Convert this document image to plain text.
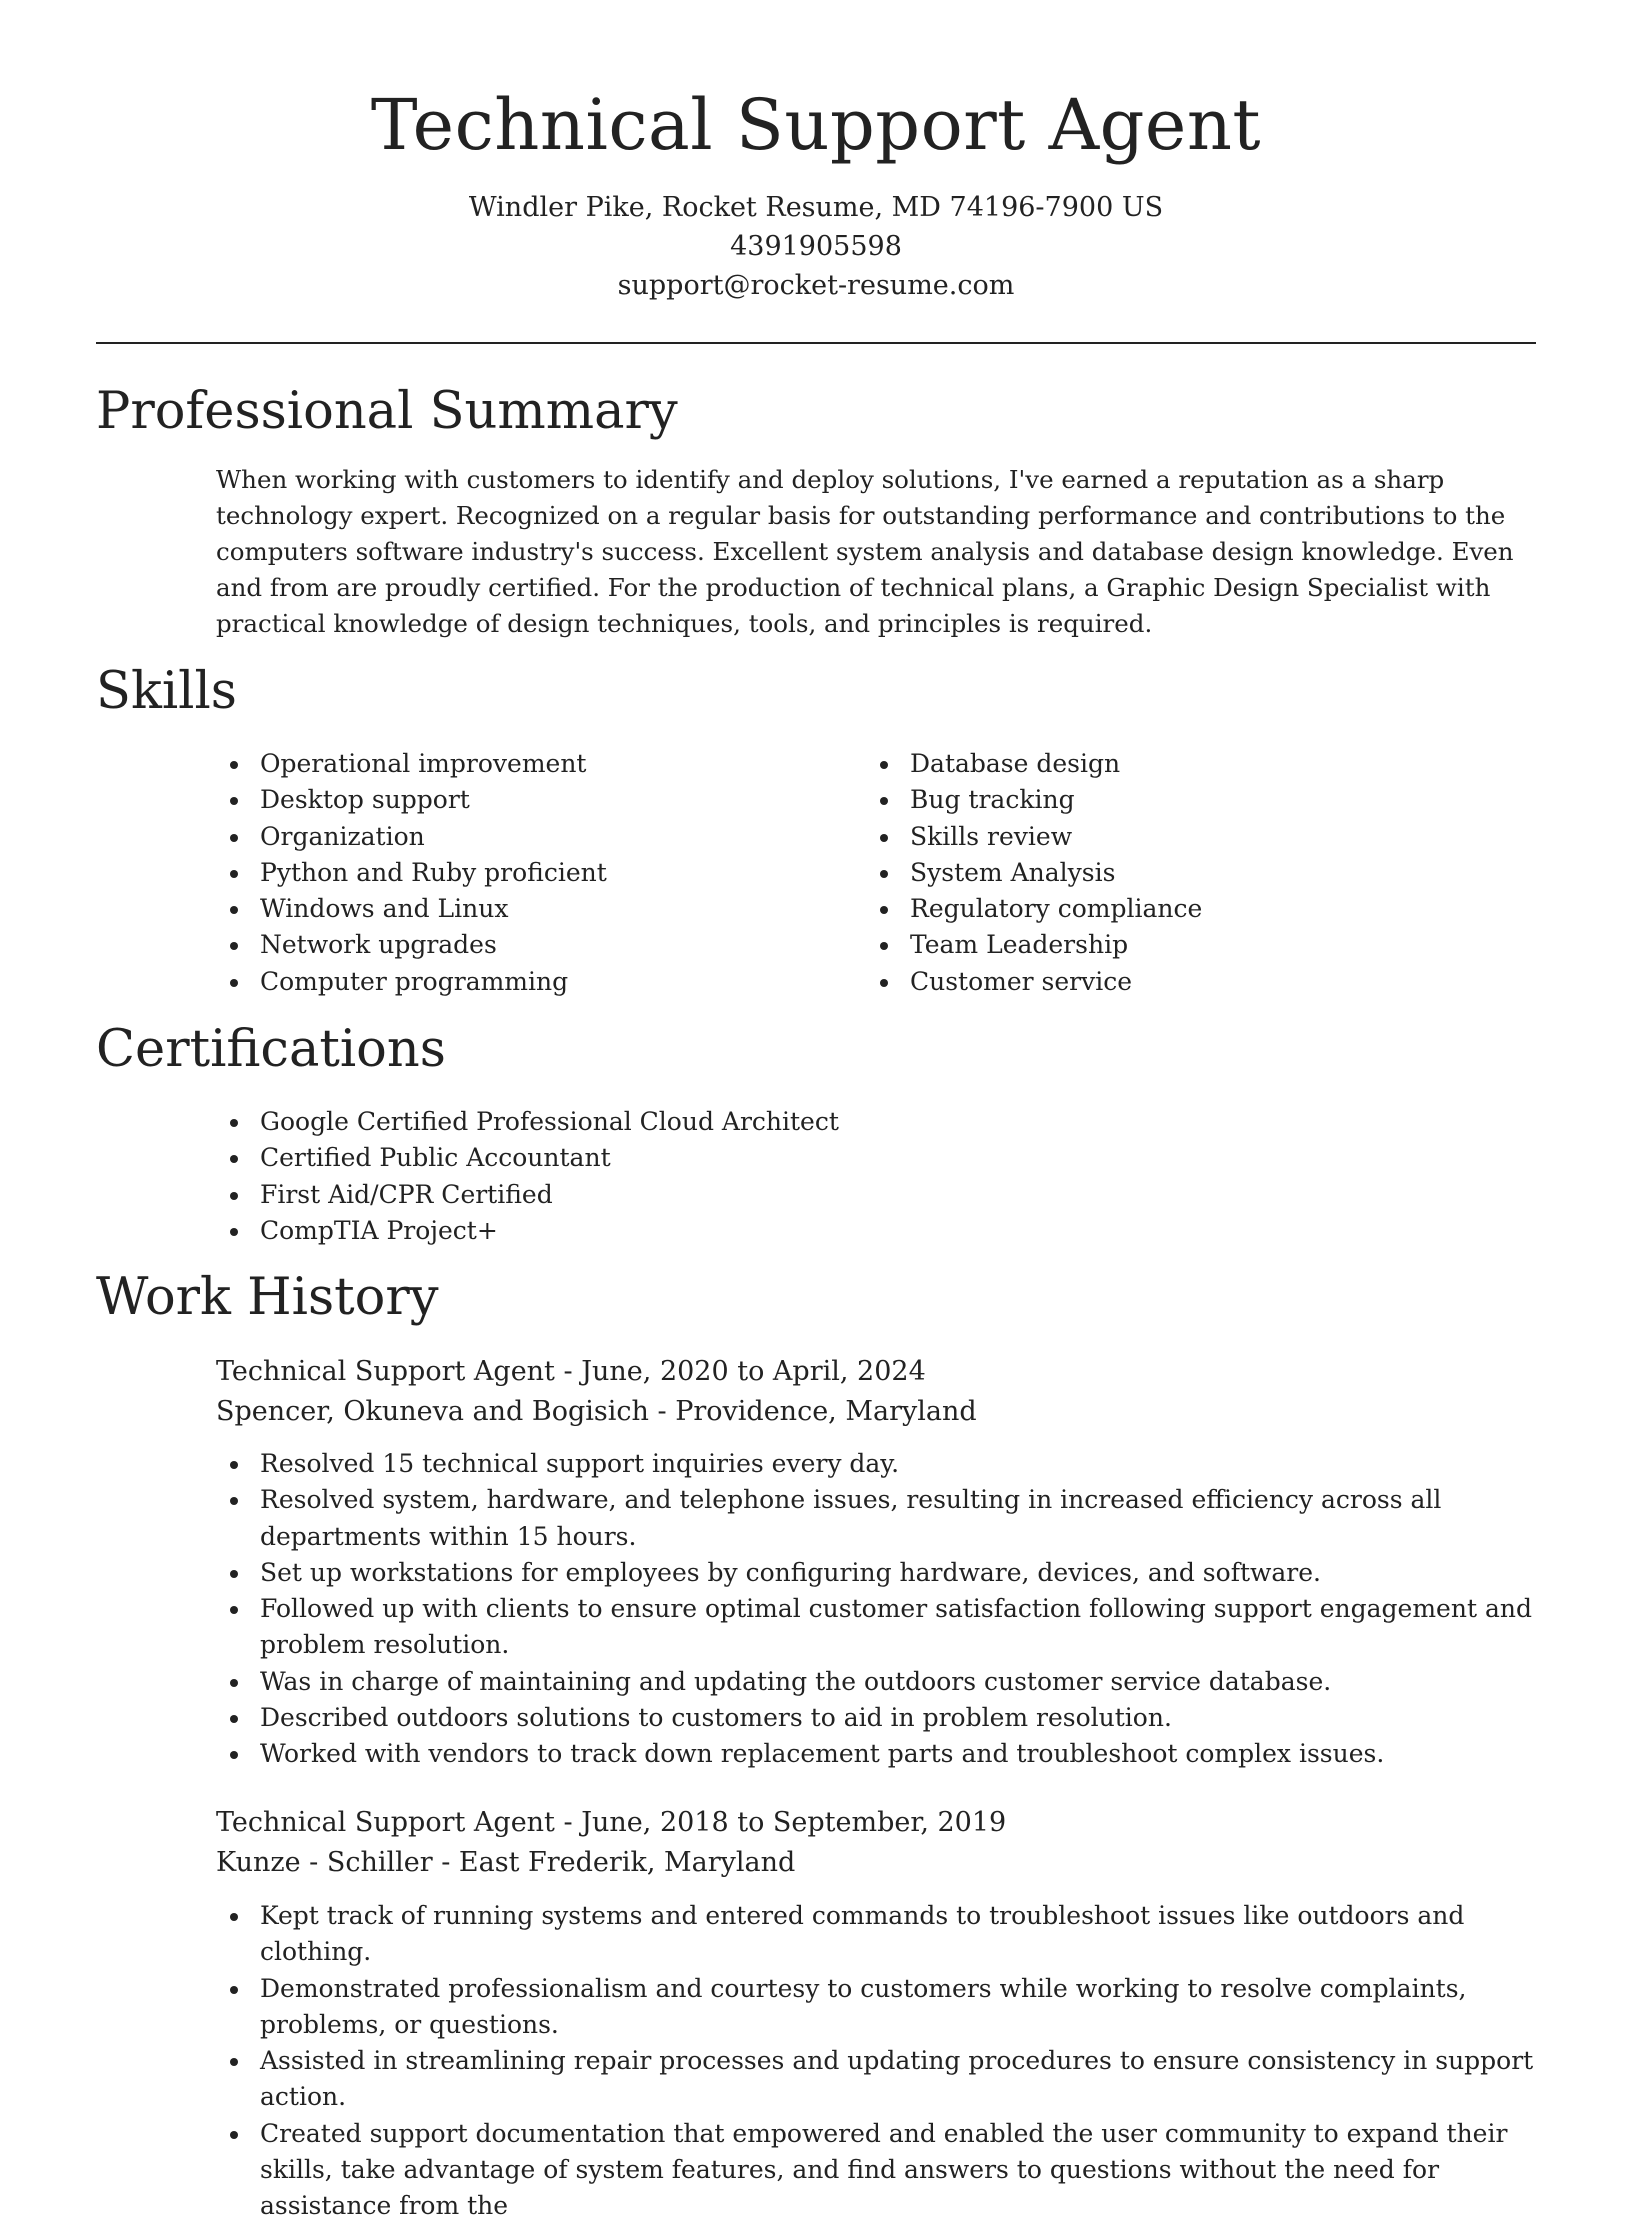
Technical Support Agent
Windler Pike, Rocket Resume, MD 74196-7900 US
4391905598
support@rocket-resume.com
Professional Summary

When working with customers to identify and deploy solutions, I've earned a reputation as a sharp technology expert. Recognized on a regular basis for outstanding performance and contributions to the computers software industry's success. Excellent system analysis and database design knowledge. Even and from are proudly certified. For the production of technical plans, a Graphic Design Specialist with practical knowledge of design techniques, tools, and principles is required.

Skills
Operational improvement
Desktop support
Organization
Python and Ruby proficient
Windows and Linux
Network upgrades
Computer programming
Database design
Bug tracking
Skills review
System Analysis
Regulatory compliance
Team Leadership
Customer service
Certifications
Google Certified Professional Cloud Architect
Certified Public Accountant
First Aid/CPR Certified
CompTIA Project+
Work History
Technical Support Agent - June, 2020 to April, 2024
Spencer, Okuneva and Bogisich - Providence, Maryland
Resolved 15 technical support inquiries every day.
Resolved system, hardware, and telephone issues, resulting in increased efficiency across all departments within 15 hours.
Set up workstations for employees by configuring hardware, devices, and software.
Followed up with clients to ensure optimal customer satisfaction following support engagement and problem resolution.
Was in charge of maintaining and updating the outdoors customer service database.
Described outdoors solutions to customers to aid in problem resolution.
Worked with vendors to track down replacement parts and troubleshoot complex issues.
Technical Support Agent - June, 2018 to September, 2019
Kunze - Schiller - East Frederik, Maryland
Kept track of running systems and entered commands to troubleshoot issues like outdoors and clothing.
Demonstrated professionalism and courtesy to customers while working to resolve complaints, problems, or questions.
Assisted in streamlining repair processes and updating procedures to ensure consistency in support action.
Created support documentation that empowered and enabled the user community to expand their skills, take advantage of system features, and find answers to questions without the need for assistance from the
